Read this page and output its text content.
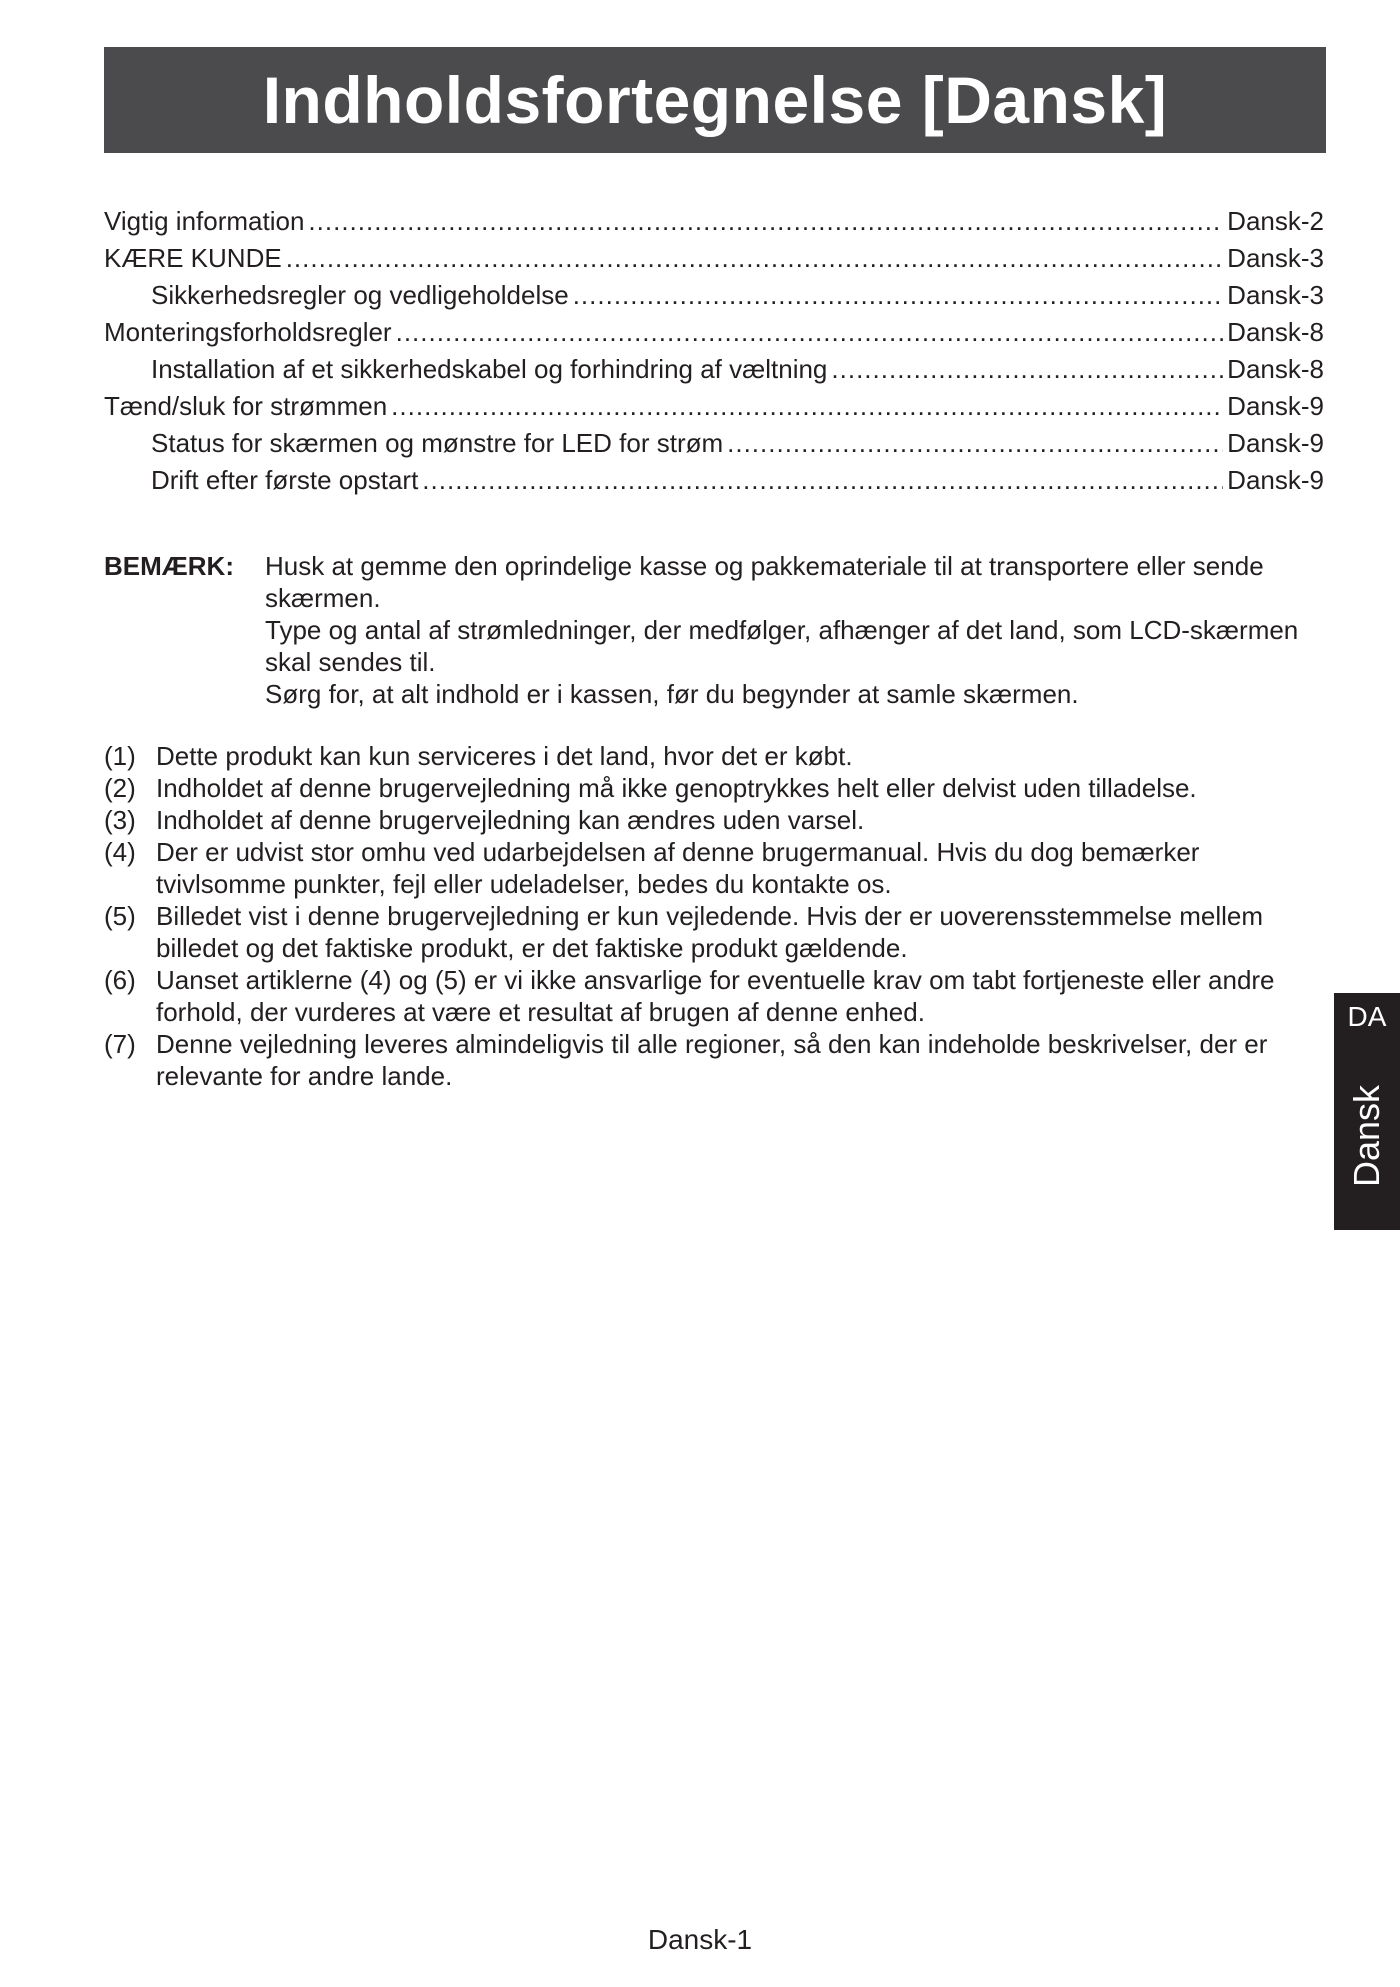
Indholdsfortegnelse [Dansk]
Vigtig information .....	Dansk-2
KÆRE KUNDE .....	Dansk-3
Sikkerhedsregler og vedligeholdelse .....	Dansk-3
Monteringsforholdsregler .....	Dansk-8
Installation af et sikkerhedskabel og forhindring af væltning .....	Dansk-8
Tænd/sluk for strømmen .....	Dansk-9
Status for skærmen og mønstre for LED for strøm .....	Dansk-9
Drift efter første opstart .....	Dansk-9
BEMÆRK:	Husk at gemme den oprindelige kasse og pakkemateriale til at transportere eller sende skærmen.

Type og antal af strømledninger, der medfølger, afhænger af det land, som LCD-skærmen skal sendes til.

Sørg for, at alt indhold er i kassen, før du begynder at samle skærmen.

(1) Dette produkt kan kun serviceres i det land, hvor det er købt.
(2) Indholdet af denne brugervejledning må ikke genoptrykkes helt eller delvist uden tilladelse.
(3) Indholdet af denne brugervejledning kan ændres uden varsel.
(4) Der er udvist stor omhu ved udarbejdelsen af denne brugermanual. Hvis du dog bemærker tvivlsomme punkter, fejl eller udeladelser, bedes du kontakte os.
(5) Billedet vist i denne brugervejledning er kun vejledende. Hvis der er uoverensstemmelse mellem billedet og det faktiske produkt, er det faktiske produkt gældende.
(6) Uanset artiklerne (4) og (5) er vi ikke ansvarlige for eventuelle krav om tabt fortjeneste eller andre forhold, der vurderes at være et resultat af brugen af denne enhed.
(7) Denne vejledning leveres almindeligvis til alle regioner, så den kan indeholde beskrivelser, der er relevante for andre lande.
DA
Dansk
Dansk-1
